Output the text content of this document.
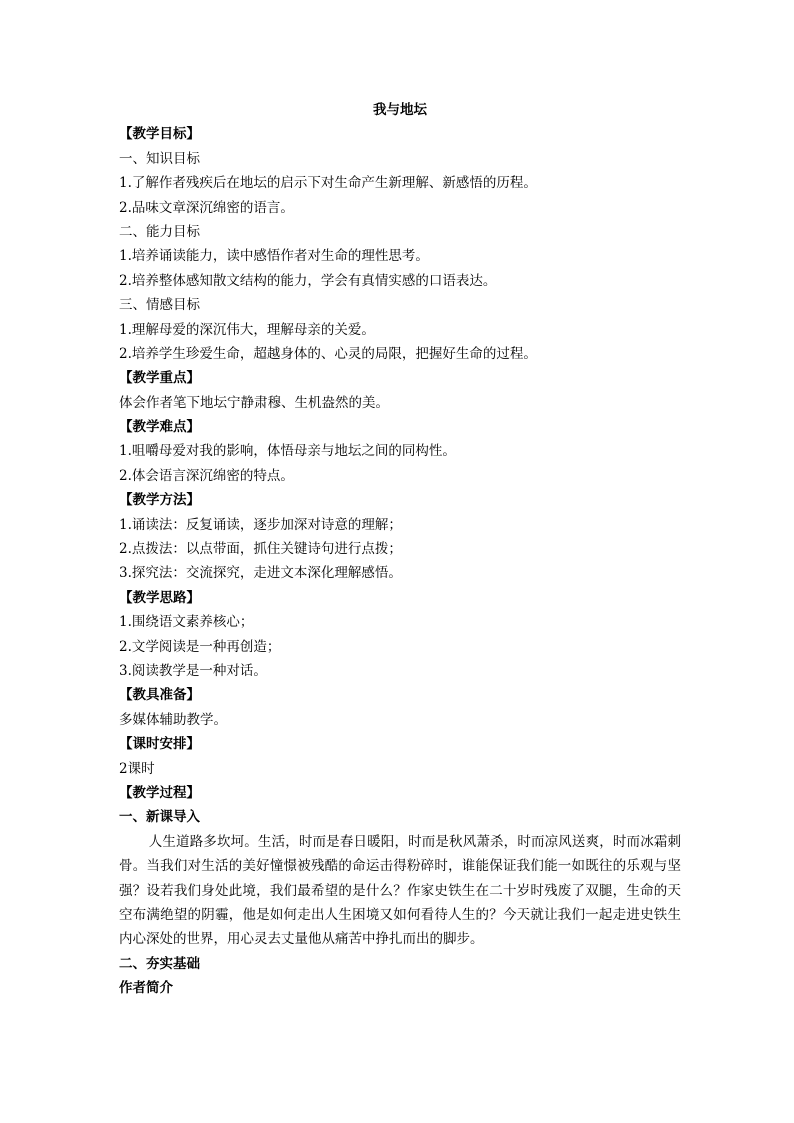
我与地坛

【教学目标】

一、知识目标

1.了解作者残疾后在地坛的启示下对生命产生新理解、新感悟的历程。

2.品味文章深沉绵密的语言。

二、能力目标

1.培养诵读能力，读中感悟作者对生命的理性思考。

2.培养整体感知散文结构的能力，学会有真情实感的口语表达。

三、情感目标

1.理解母爱的深沉伟大，理解母亲的关爱。

2.培养学生珍爱生命，超越身体的、心灵的局限，把握好生命的过程。

【教学重点】

体会作者笔下地坛宁静肃穆、生机盎然的美。

【教学难点】

1.咀嚼母爱对我的影响，体悟母亲与地坛之间的同构性。

2.体会语言深沉绵密的特点。

【教学方法】

1.诵读法：反复诵读，逐步加深对诗意的理解；

2.点拨法：以点带面，抓住关键诗句进行点拨；

3.探究法：交流探究，走进文本深化理解感悟。

【教学思路】

1.围绕语文素养核心；

2.文学阅读是一种再创造；

3.阅读教学是一种对话。

【教具准备】

多媒体辅助教学。

【课时安排】

2课时

【教学过程】

一、新课导入

人生道路多坎坷。生活，时而是春日暖阳，时而是秋风萧杀，时而凉风送爽，时而冰霜刺骨。当我们对生活的美好憧憬被残酷的命运击得粉碎时，谁能保证我们能一如既往的乐观与坚强？设若我们身处此境，我们最希望的是什么？作家史铁生在二十岁时残废了双腿，生命的天空布满绝望的阴霾，他是如何走出人生困境又如何看待人生的？今天就让我们一起走进史铁生内心深处的世界，用心灵去丈量他从痛苦中挣扎而出的脚步。

二、夯实基础

作者简介
